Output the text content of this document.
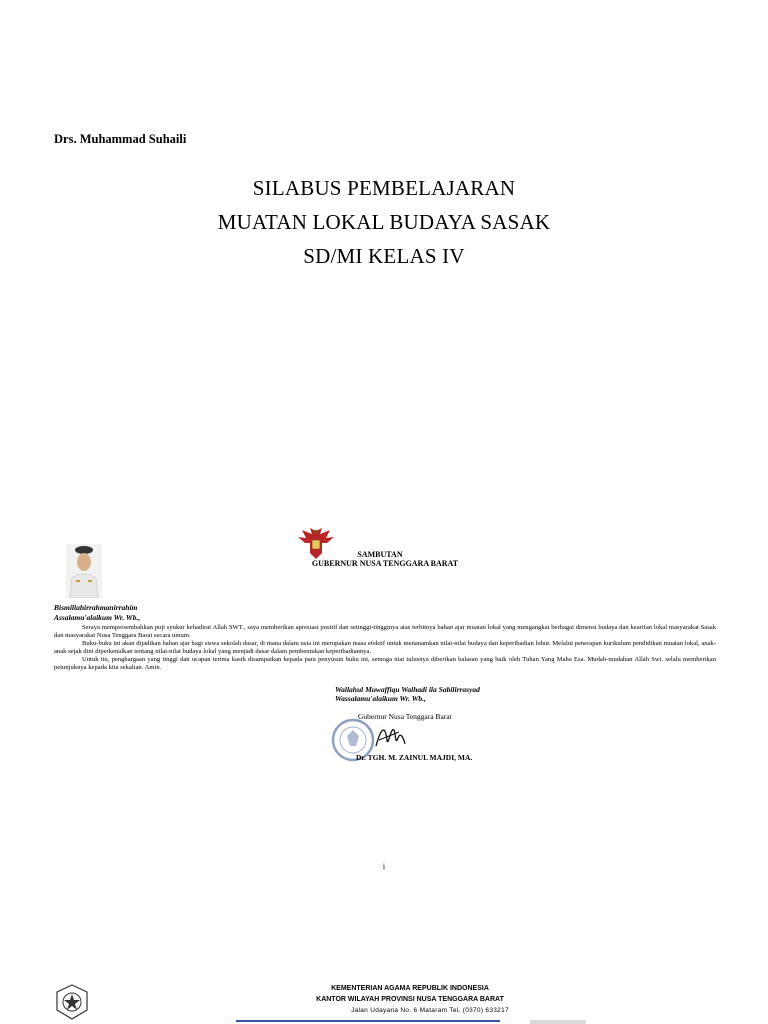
Drs. Muhammad Suhaili
SILABUS PEMBELAJARAN
MUATAN LOKAL BUDAYA SASAK
SD/MI KELAS IV
SAMBUTAN
GUBERNUR NUSA TENGGARA BARAT
Bismillahirrahmanirrahim
Assalamu'alaikum Wr. Wb.,

Seraya mempersembahkan puji syukur kehadirat Allah SWT., saya memberikan apresiasi positif dan setinggi-tingginya atas terbitnya bahan ajar muatan lokal yang mengangkat berbagai dimensi budaya dan kearifan lokal masyarakat Sasak dan masyarakat Nusa Tenggara Barat secara umum.

Buku-buku ini akan dijadikan bahan ajar bagi siswa sekolah dasar, di mana dalam usia ini merupakan masa efektif untuk menanamkan nilai-nilai budaya dan keperibadian luhur. Melalui penerapan kurikulum pendidikan muatan lokal, anak-anak sejak dini diperkenalkan tentang nilai-nilai budaya lokal yang menjadi dasar dalam pembentukan keperibadiannya.

Untuk itu, penghargaan yang tinggi dan ucapan terima kasih disampaikan kepada para penyusun buku ini, semoga niat tulusnya diberikan balasan yang baik oleh Tuhan Yang Maha Esa. Mudah-mudahan Allah Swt. selalu memberikan petunjuknya kepada kita sekalian. Amin.

Wallahul Muwaffiqu Walhadi ila Sabilirrasyad
Wassalamu'alaikum Wr. Wb.,
Gubernur Nusa Tenggara Barat
Dr. TGH. M. ZAINUL MAJDI, MA.
i
KEMENTERIAN AGAMA REPUBLIK INDONESIA
KANTOR WILAYAH PROVINSI NUSA TENGGARA BARAT
Jalan Udayana No. 6 Mataram Tel. (0370) 633217
